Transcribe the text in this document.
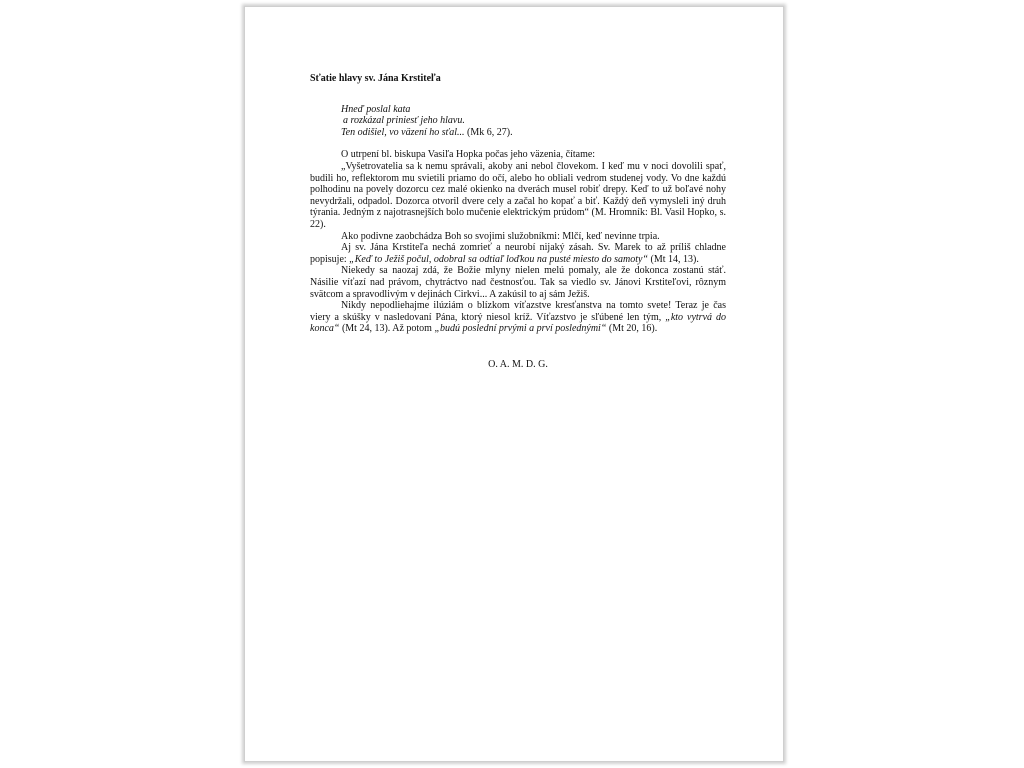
Sťatie hlavy sv. Jána Krstiteľa
Hneď poslal kata
a rozkázal priniesť jeho hlavu.
Ten odišiel, vo väzení ho sťal... (Mk 6, 27).

O utrpení bl. biskupa Vasiľa Hopka počas jeho väzenia, čítame:

„Vyšetrovatelia sa k nemu správali, akoby ani nebol človekom. I keď mu v noci dovolili spať, budili ho, reflektorom mu svietili priamo do očí, alebo ho obliali vedrom studenej vody. Vo dne každú polhodinu na povely dozorcu cez malé okienko na dverách musel robiť drepy. Keď to už boľavé nohy nevydržali, odpadol. Dozorca otvoril dvere cely a začal ho kopať a biť. Každý deň vymysleli iný druh týrania. Jedným z najotrasnejších bolo mučenie elektrickým prúdom“ (M. Hromník: Bl. Vasil Hopko, s. 22).

Ako podivne zaobchádza Boh so svojimi služobníkmi: Mlčí, keď nevinne trpia.

Aj sv. Jána Krstiteľa nechá zomrieť a neurobí nijaký zásah. Sv. Marek to až príliš chladne popisuje: „Keď to Ježiš počul, odobral sa odtiaľ loďkou na pusté miesto do samoty“ (Mt 14, 13).

Niekedy sa naozaj zdá, že Božie mlyny nielen melú pomaly, ale že dokonca zostanú stáť. Násilie víťazí nad právom, chytráctvo nad čestnosťou. Tak sa viedlo sv. Jánovi Krstiteľovi, rôznym svätcom a spravodlivým v dejinách Cirkvi... A zakúsil to aj sám Ježiš.

Nikdy nepodliehajme ilúziám o blízkom víťazstve kresťanstva na tomto svete! Teraz je čas viery a skúšky v nasledovaní Pána, ktorý niesol kríž. Víťazstvo je sľúbené len tým, „kto vytrvá do konca“ (Mt 24, 13). Až potom „budú poslední prvými a prví poslednými“ (Mt 20, 16).

O. A. M. D. G.
